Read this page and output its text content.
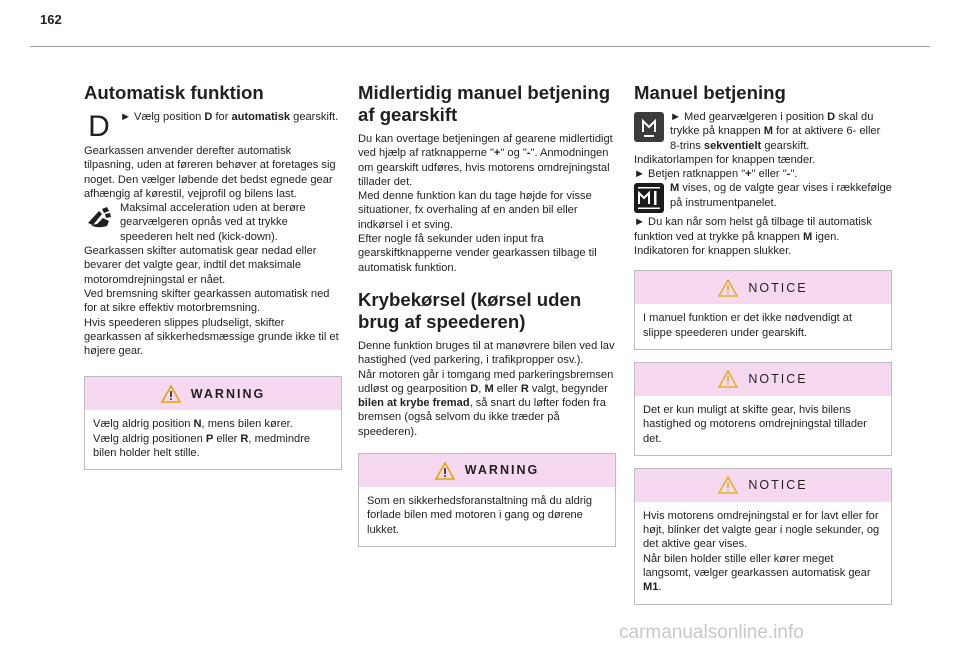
162
Automatisk funktion
D ► Vælg position D for automatisk gearskift.

Gearkassen anvender derefter automatisk tilpasning, uden at føreren behøver at foretages sig noget. Den vælger løbende det bedst egnede gear afhængig af kørestil, vejprofil og bilens last.

Maksimal acceleration uden at berøre gearvælgeren opnås ved at trykke speederen helt ned (kick-down).

Gearkassen skifter automatisk gear nedad eller bevarer det valgte gear, indtil det maksimale motoromdrejningstal er nået.

Ved bremsning skifter gearkassen automatisk ned for at sikre effektiv motorbremsning.

Hvis speederen slippes pludseligt, skifter gearkassen af sikkerhedsmæssige grunde ikke til et højere gear.

WARNING
Vælg aldrig position N, mens bilen kører.
Vælg aldrig positionen P eller R, medmindre bilen holder helt stille.
Midlertidig manuel betjening af gearskift

Du kan overtage betjeningen af gearene midlertidigt ved hjælp af ratknapperne "+" og "-". Anmodningen om gearskift udføres, hvis motorens omdrejningstal tillader det.

Med denne funktion kan du tage højde for visse situationer, fx overhaling af en anden bil eller indkørsel i et sving.

Efter nogle få sekunder uden input fra gearskiftknapperne vender gearkassen tilbage til automatisk funktion.

Krybekørsel (kørsel uden brug af speederen)

Denne funktion bruges til at manøvrere bilen ved lav hastighed (ved parkering, i trafikpropper osv.).

Når motoren går i tomgang med parkeringsbremsen udløst og gearposition D, M eller R valgt, begynder bilen at krybe fremad, så snart du løfter foden fra bremsen (også selvom du ikke træder på speederen).

WARNING
Som en sikkerhedsforanstaltning må du aldrig forlade bilen med motoren i gang og dørene lukket.
Manuel betjening
► Med gearvælgeren i position D skal du trykke på knappen M for at aktivere 6- eller 8-trins sekventielt gearskift.

Indikatorlampen for knappen tænder.

► Betjen ratknappen "+" eller "-".

M vises, og de valgte gear vises i rækkefølge på instrumentpanelet.

► Du kan når som helst gå tilbage til automatisk funktion ved at trykke på knappen M igen.

Indikatoren for knappen slukker.

NOTICE
I manuel funktion er det ikke nødvendigt at slippe speederen under gearskift.
NOTICE
Det er kun muligt at skifte gear, hvis bilens hastighed og motorens omdrejningstal tillader det.
NOTICE
Hvis motorens omdrejningstal er for lavt eller for højt, blinker det valgte gear i nogle sekunder, og det aktive gear vises.
Når bilen holder stille eller kører meget langsomt, vælger gearkassen automatisk gear M1.
carmanualsonline.info
